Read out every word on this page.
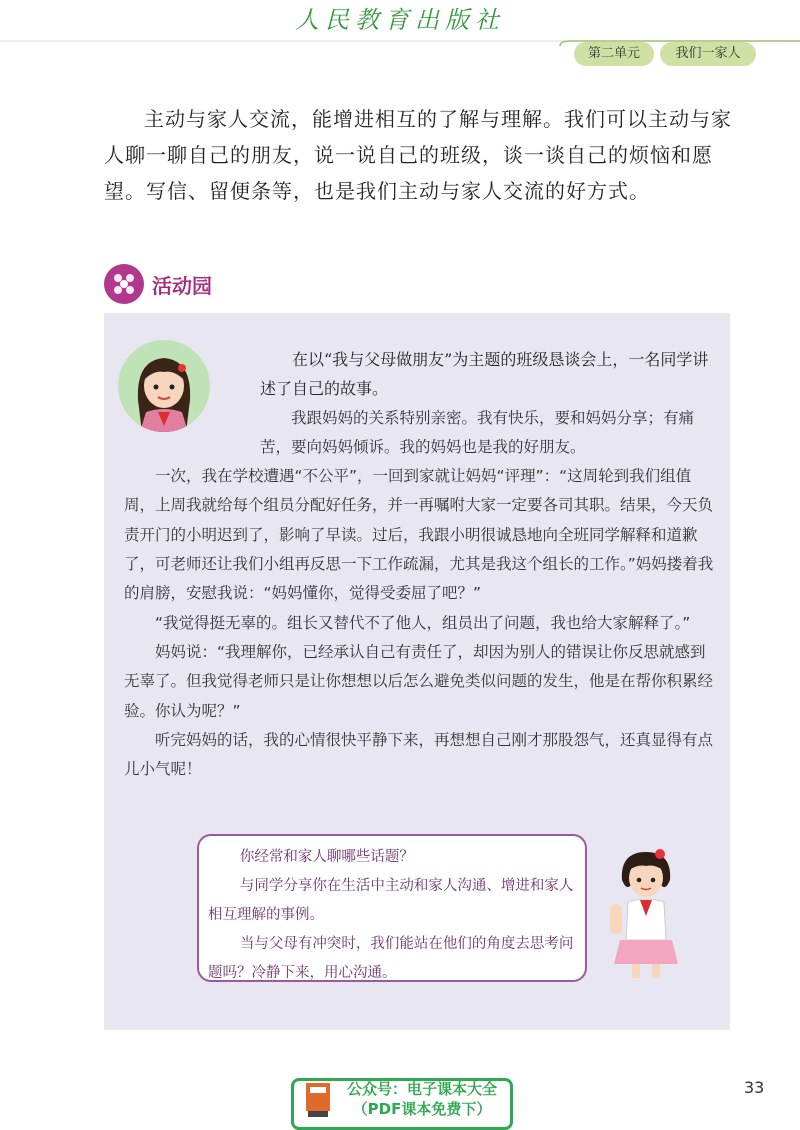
人民教育出版社
第二单元	我们一家人

主动与家人交流，能增进相互的了解与理解。我们可以主动与家人聊一聊自己的朋友，说一说自己的班级，谈一谈自己的烦恼和愿望。写信、留便条等，也是我们主动与家人交流的好方式。

活动园

在以“我与父母做朋友”为主题的班级恳谈会上，一名同学讲述了自己的故事。

我跟妈妈的关系特别亲密。我有快乐，要和妈妈分享；有痛苦，要向妈妈倾诉。我的妈妈也是我的好朋友。

一次，我在学校遭遇“不公平”，一回到家就让妈妈“评理”：“这周轮到我们组值周，上周我就给每个组员分配好任务，并一再嘱咐大家一定要各司其职。结果，今天负责开门的小明迟到了，影响了早读。过后，我跟小明很诚恳地向全班同学解释和道歉了，可老师还让我们小组再反思一下工作疏漏，尤其是我这个组长的工作。”妈妈搂着我的肩膀，安慰我说：“妈妈懂你，觉得受委屈了吧？”

“我觉得挺无辜的。组长又替代不了他人，组员出了问题，我也给大家解释了。”

妈妈说：“我理解你，已经承认自己有责任了，却因为别人的错误让你反思就感到无辜了。但我觉得老师只是让你想想以后怎么避免类似问题的发生，他是在帮你积累经验。你认为呢？”

听完妈妈的话，我的心情很快平静下来，再想想自己刚才那股怨气，还真显得有点儿小气呢！

你经常和家人聊哪些话题？

与同学分享你在生活中主动和家人沟通、增进和家人相互理解的事例。

当与父母有冲突时，我们能站在他们的角度去思考问题吗？冷静下来，用心沟通。

公众号：电子课本大全
（PDF课本免费下）
33
